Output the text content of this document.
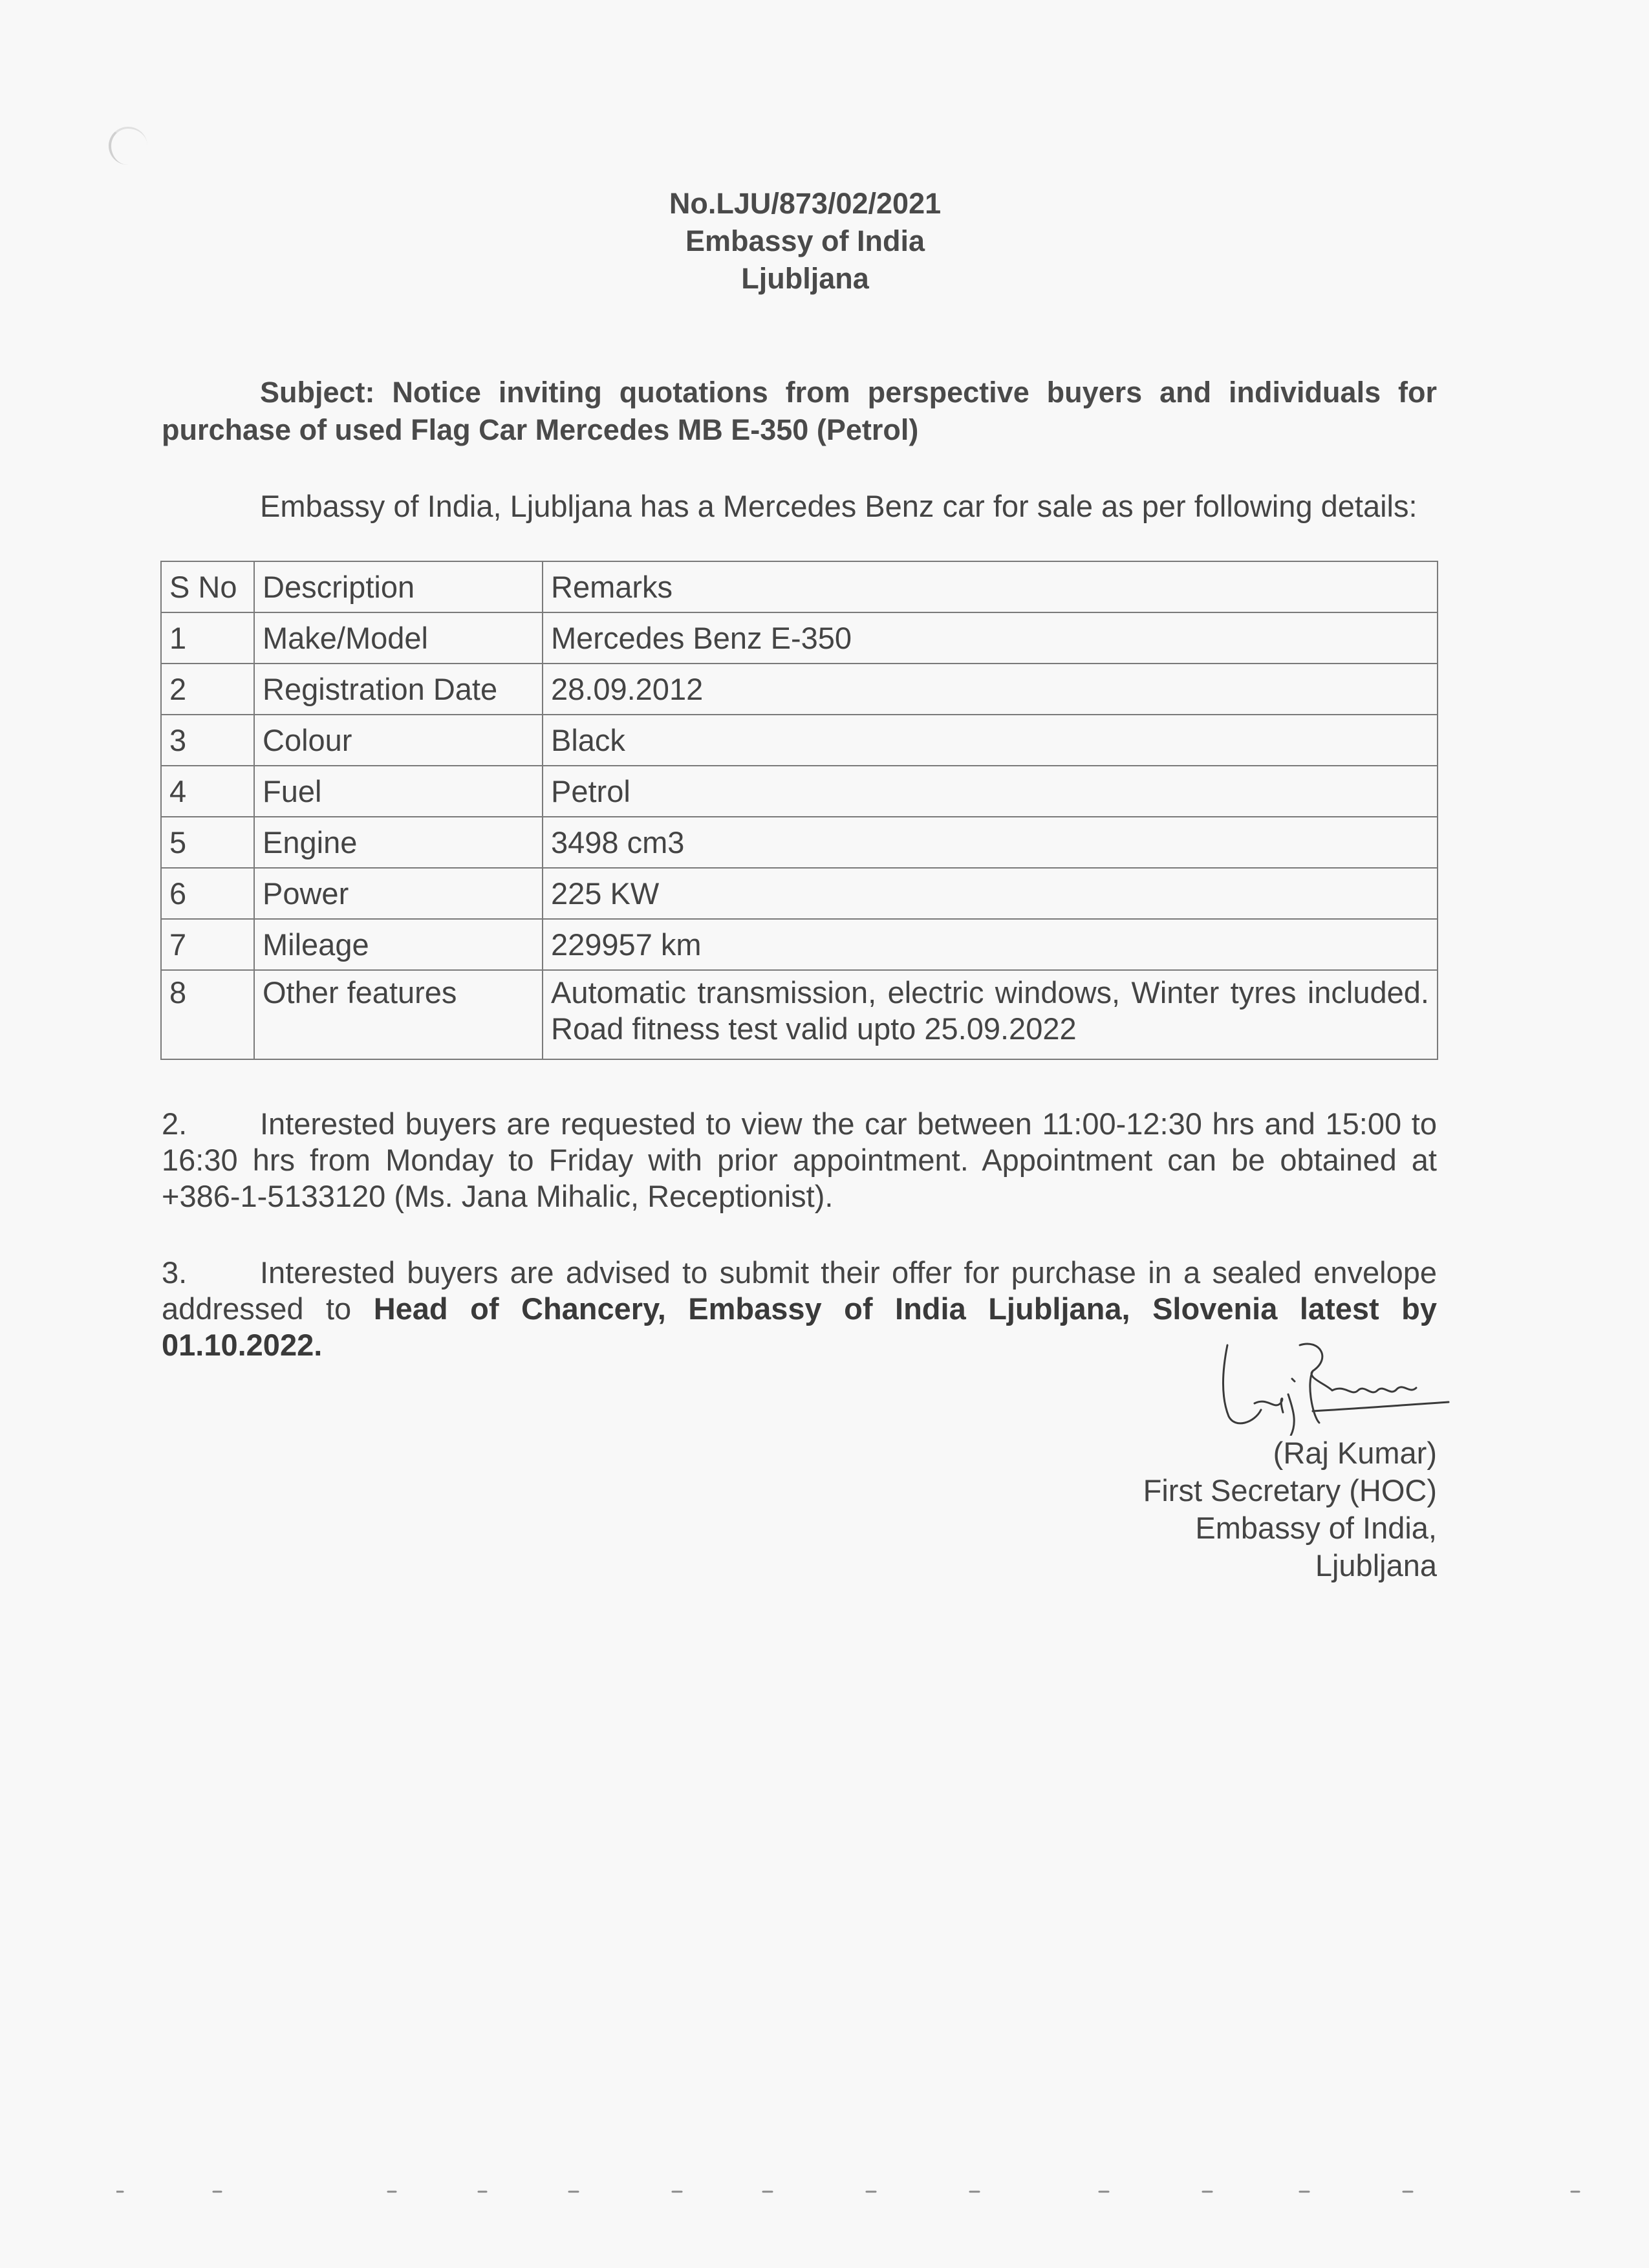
No.LJU/873/02/2021
Embassy of India
Ljubljana
Subject: Notice inviting quotations from perspective buyers and individuals for purchase of used Flag Car Mercedes MB E-350 (Petrol)
Embassy of India, Ljubljana has a Mercedes Benz car for sale as per following details:
S No	Description	Remarks
1	Make/Model	Mercedes Benz E-350
2	Registration Date	28.09.2012
3	Colour	Black
4	Fuel	Petrol
5	Engine	3498 cm3
6	Power	225 KW
7	Mileage	229957 km
8	Other features	Automatic transmission, electric windows, Winter tyres included. Road fitness test valid upto 25.09.2022
2. Interested buyers are requested to view the car between 11:00-12:30 hrs and 15:00 to 16:30 hrs from Monday to Friday with prior appointment. Appointment can be obtained at +386-1-5133120 (Ms. Jana Mihalic, Receptionist).
3. Interested buyers are advised to submit their offer for purchase in a sealed envelope addressed to Head of Chancery, Embassy of India Ljubljana, Slovenia latest by 01.10.2022.
(Raj Kumar)
First Secretary (HOC)
Embassy of India,
Ljubljana
